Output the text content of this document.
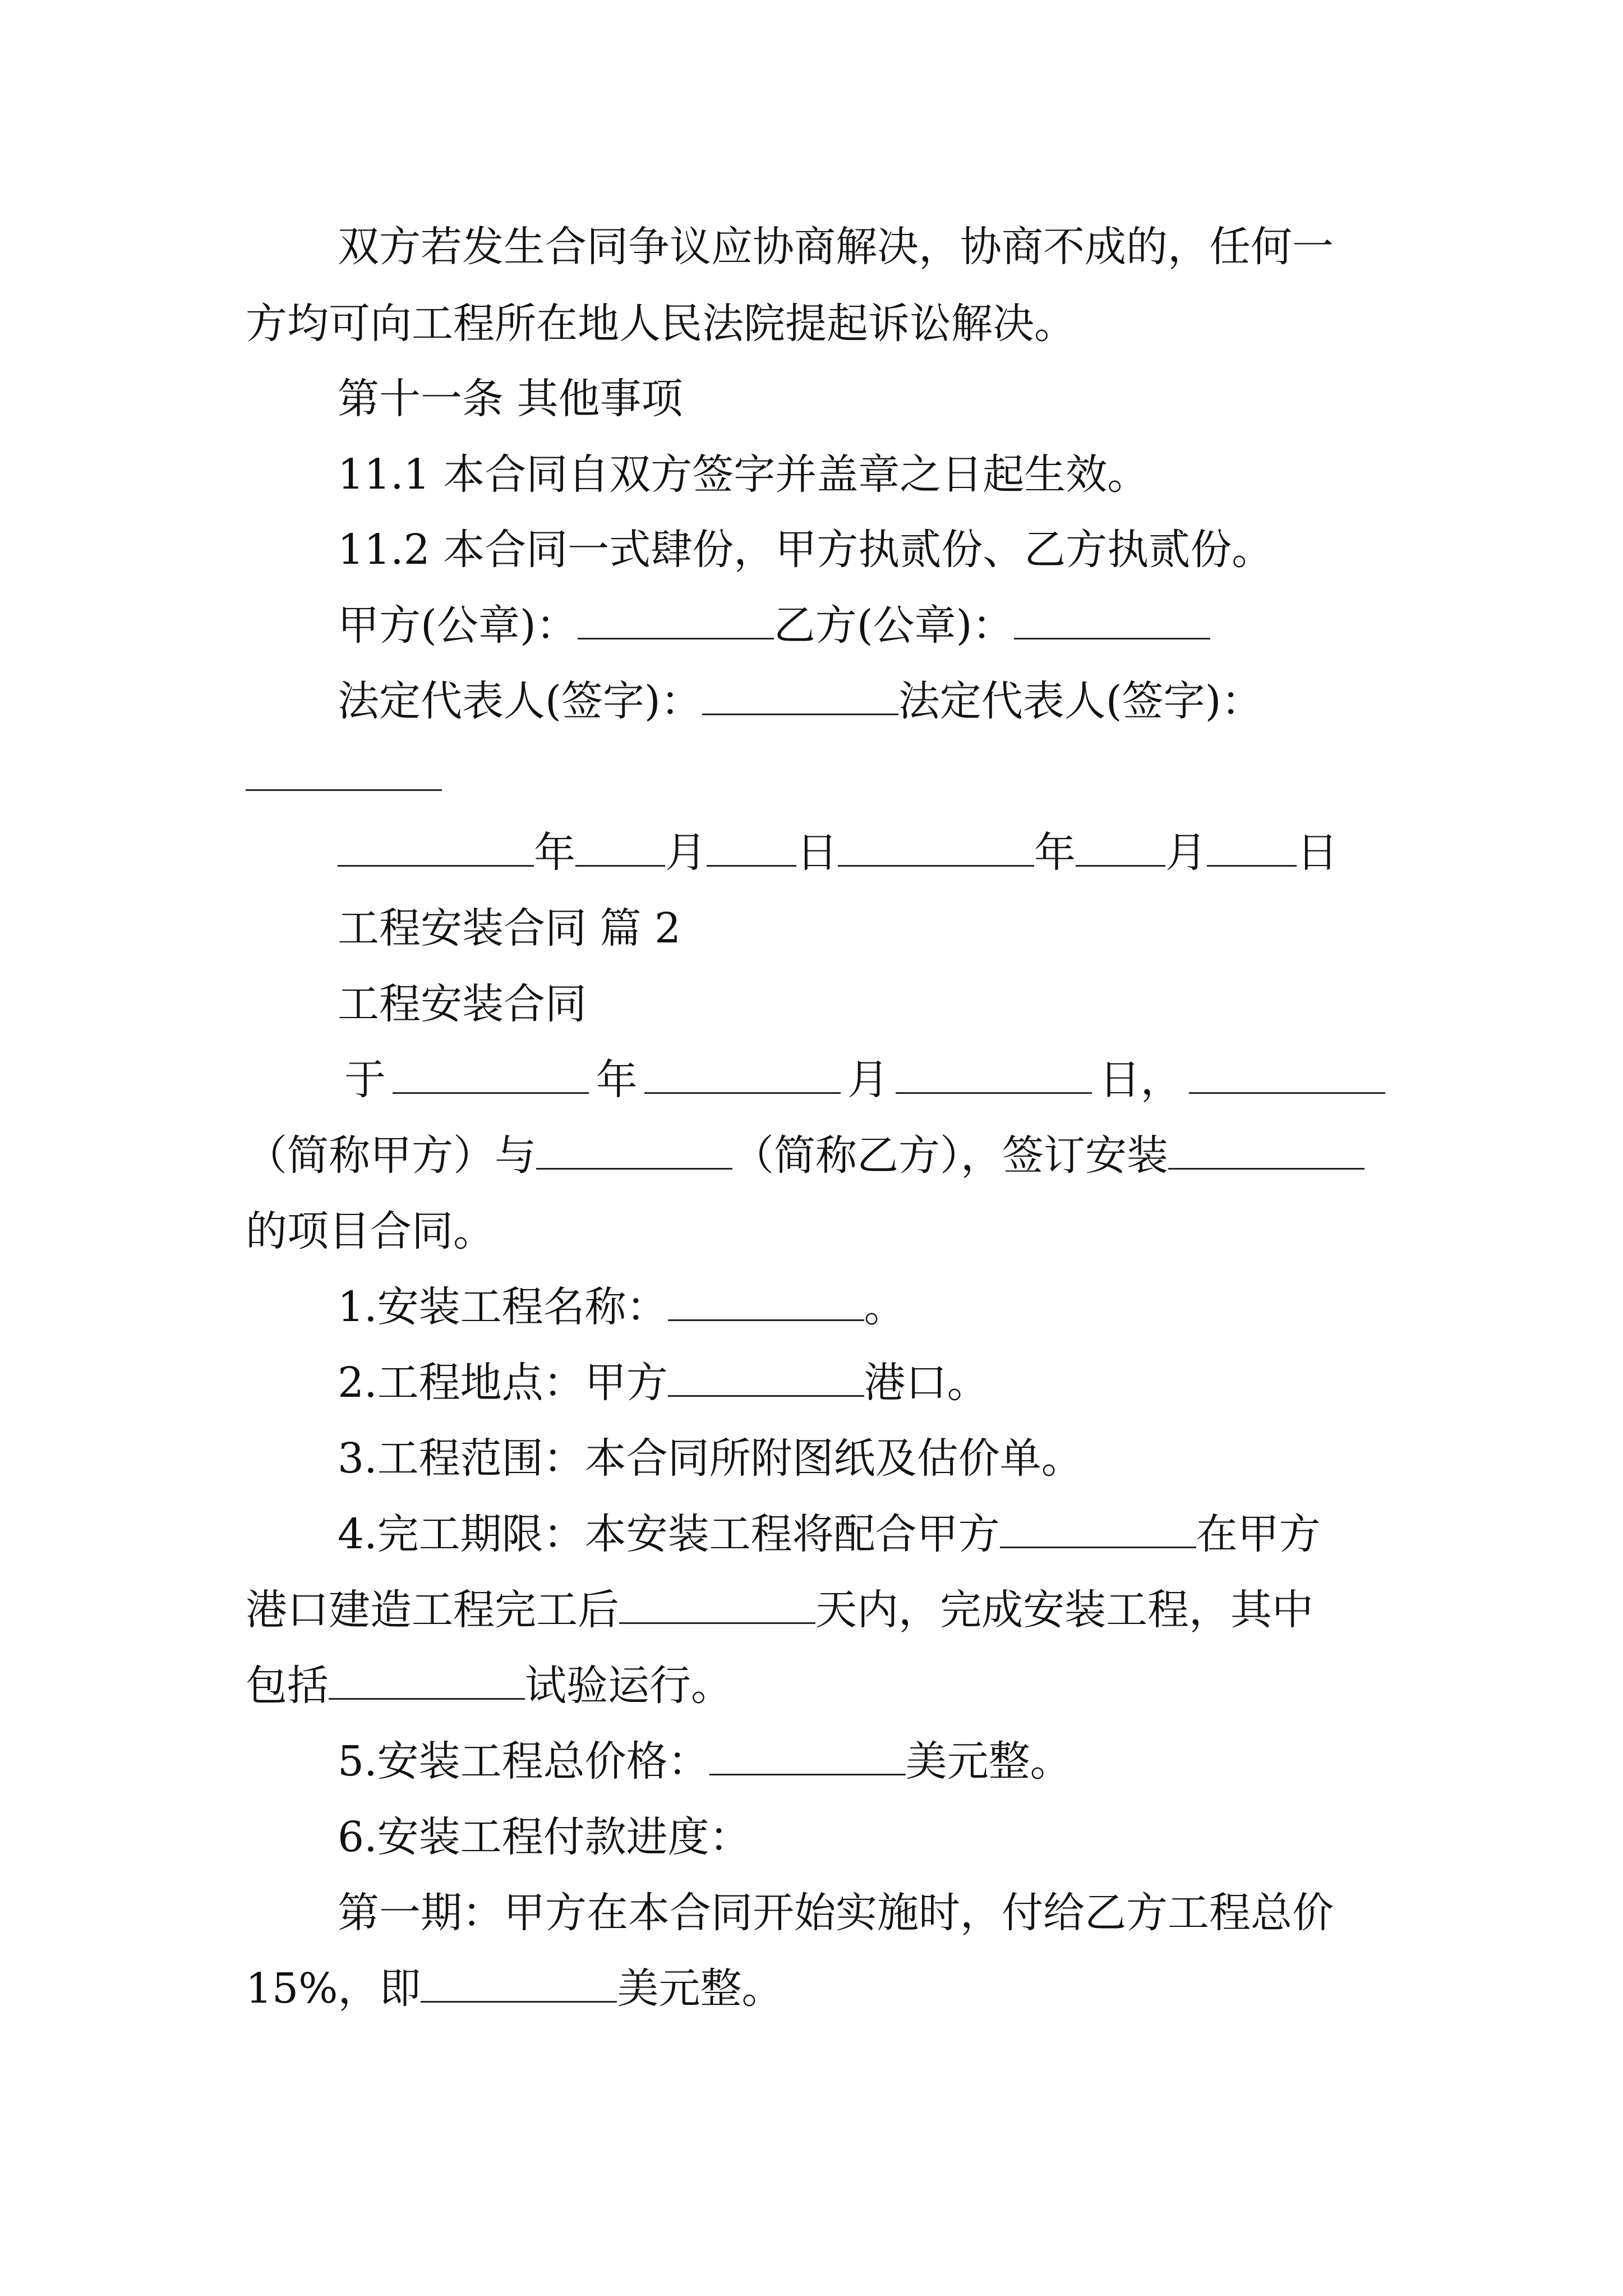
双方若发生合同争议应协商解决，协商不成的，任何一
方均可向工程所在地人民法院提起诉讼解决。
第十一条 其他事项
11.1 本合同自双方签字并盖章之日起生效。
11.2 本合同一式肆份，甲方执贰份、乙方执贰份。
甲方(公章)：	乙方(公章)：
法定代表人(签字)：	法定代表人(签字)：
年 月 日	年 月 日
工程安装合同 篇 2
工程安装合同
于	年	月	日，
（简称甲方）与	（简称乙方），签订安装
的项目合同。
1.安装工程名称：	。
2.工程地点：甲方	港口。
3.工程范围：本合同所附图纸及估价单。
4.完工期限：本安装工程将配合甲方	在甲方
港口建造工程完工后	天内，完成安装工程，其中
包括	试验运行。
5.安装工程总价格：	美元整。
6.安装工程付款进度：
第一期：甲方在本合同开始实施时，付给乙方工程总价
15%，即	美元整。
